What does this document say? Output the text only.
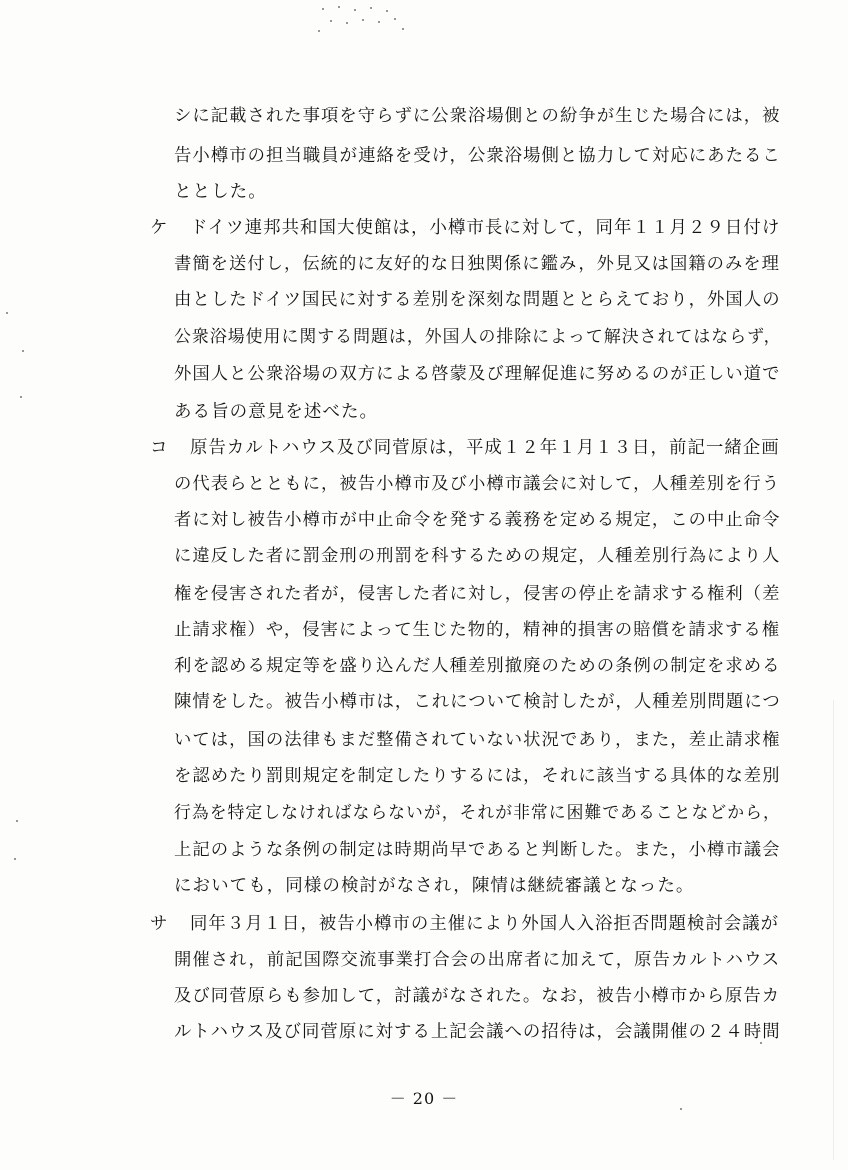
シに記載された事項を守らずに公衆浴場側との紛争が生じた場合には，被
告小樽市の担当職員が連絡を受け，公衆浴場側と協力して対応にあたるこ
ととした。
ケ	ドイツ連邦共和国大使館は，小樽市長に対して，同年１１月２９日付け
書簡を送付し，伝統的に友好的な日独関係に鑑み，外見又は国籍のみを理
由としたドイツ国民に対する差別を深刻な問題ととらえており，外国人の
公衆浴場使用に関する問題は，外国人の排除によって解決されてはならず，
外国人と公衆浴場の双方による啓蒙及び理解促進に努めるのが正しい道で
ある旨の意見を述べた。
コ	原告カルトハウス及び同菅原は，平成１２年１月１３日，前記一緒企画
の代表らとともに，被告小樽市及び小樽市議会に対して，人種差別を行う
者に対し被告小樽市が中止命令を発する義務を定める規定，この中止命令
に違反した者に罰金刑の刑罰を科するための規定，人種差別行為により人
権を侵害された者が，侵害した者に対し，侵害の停止を請求する権利（差
止請求権）や，侵害によって生じた物的，精神的損害の賠償を請求する権
利を認める規定等を盛り込んだ人種差別撤廃のための条例の制定を求める
陳情をした。被告小樽市は，これについて検討したが，人種差別問題につ
いては，国の法律もまだ整備されていない状況であり，また，差止請求権
を認めたり罰則規定を制定したりするには，それに該当する具体的な差別
行為を特定しなければならないが，それが非常に困難であることなどから，
上記のような条例の制定は時期尚早であると判断した。また，小樽市議会
においても，同様の検討がなされ，陳情は継続審議となった。
サ	同年３月１日，被告小樽市の主催により外国人入浴拒否問題検討会議が
開催され，前記国際交流事業打合会の出席者に加えて，原告カルトハウス
及び同菅原らも参加して，討議がなされた。なお，被告小樽市から原告カ
ルトハウス及び同菅原に対する上記会議への招待は，会議開催の２４時間
－ 20 －
